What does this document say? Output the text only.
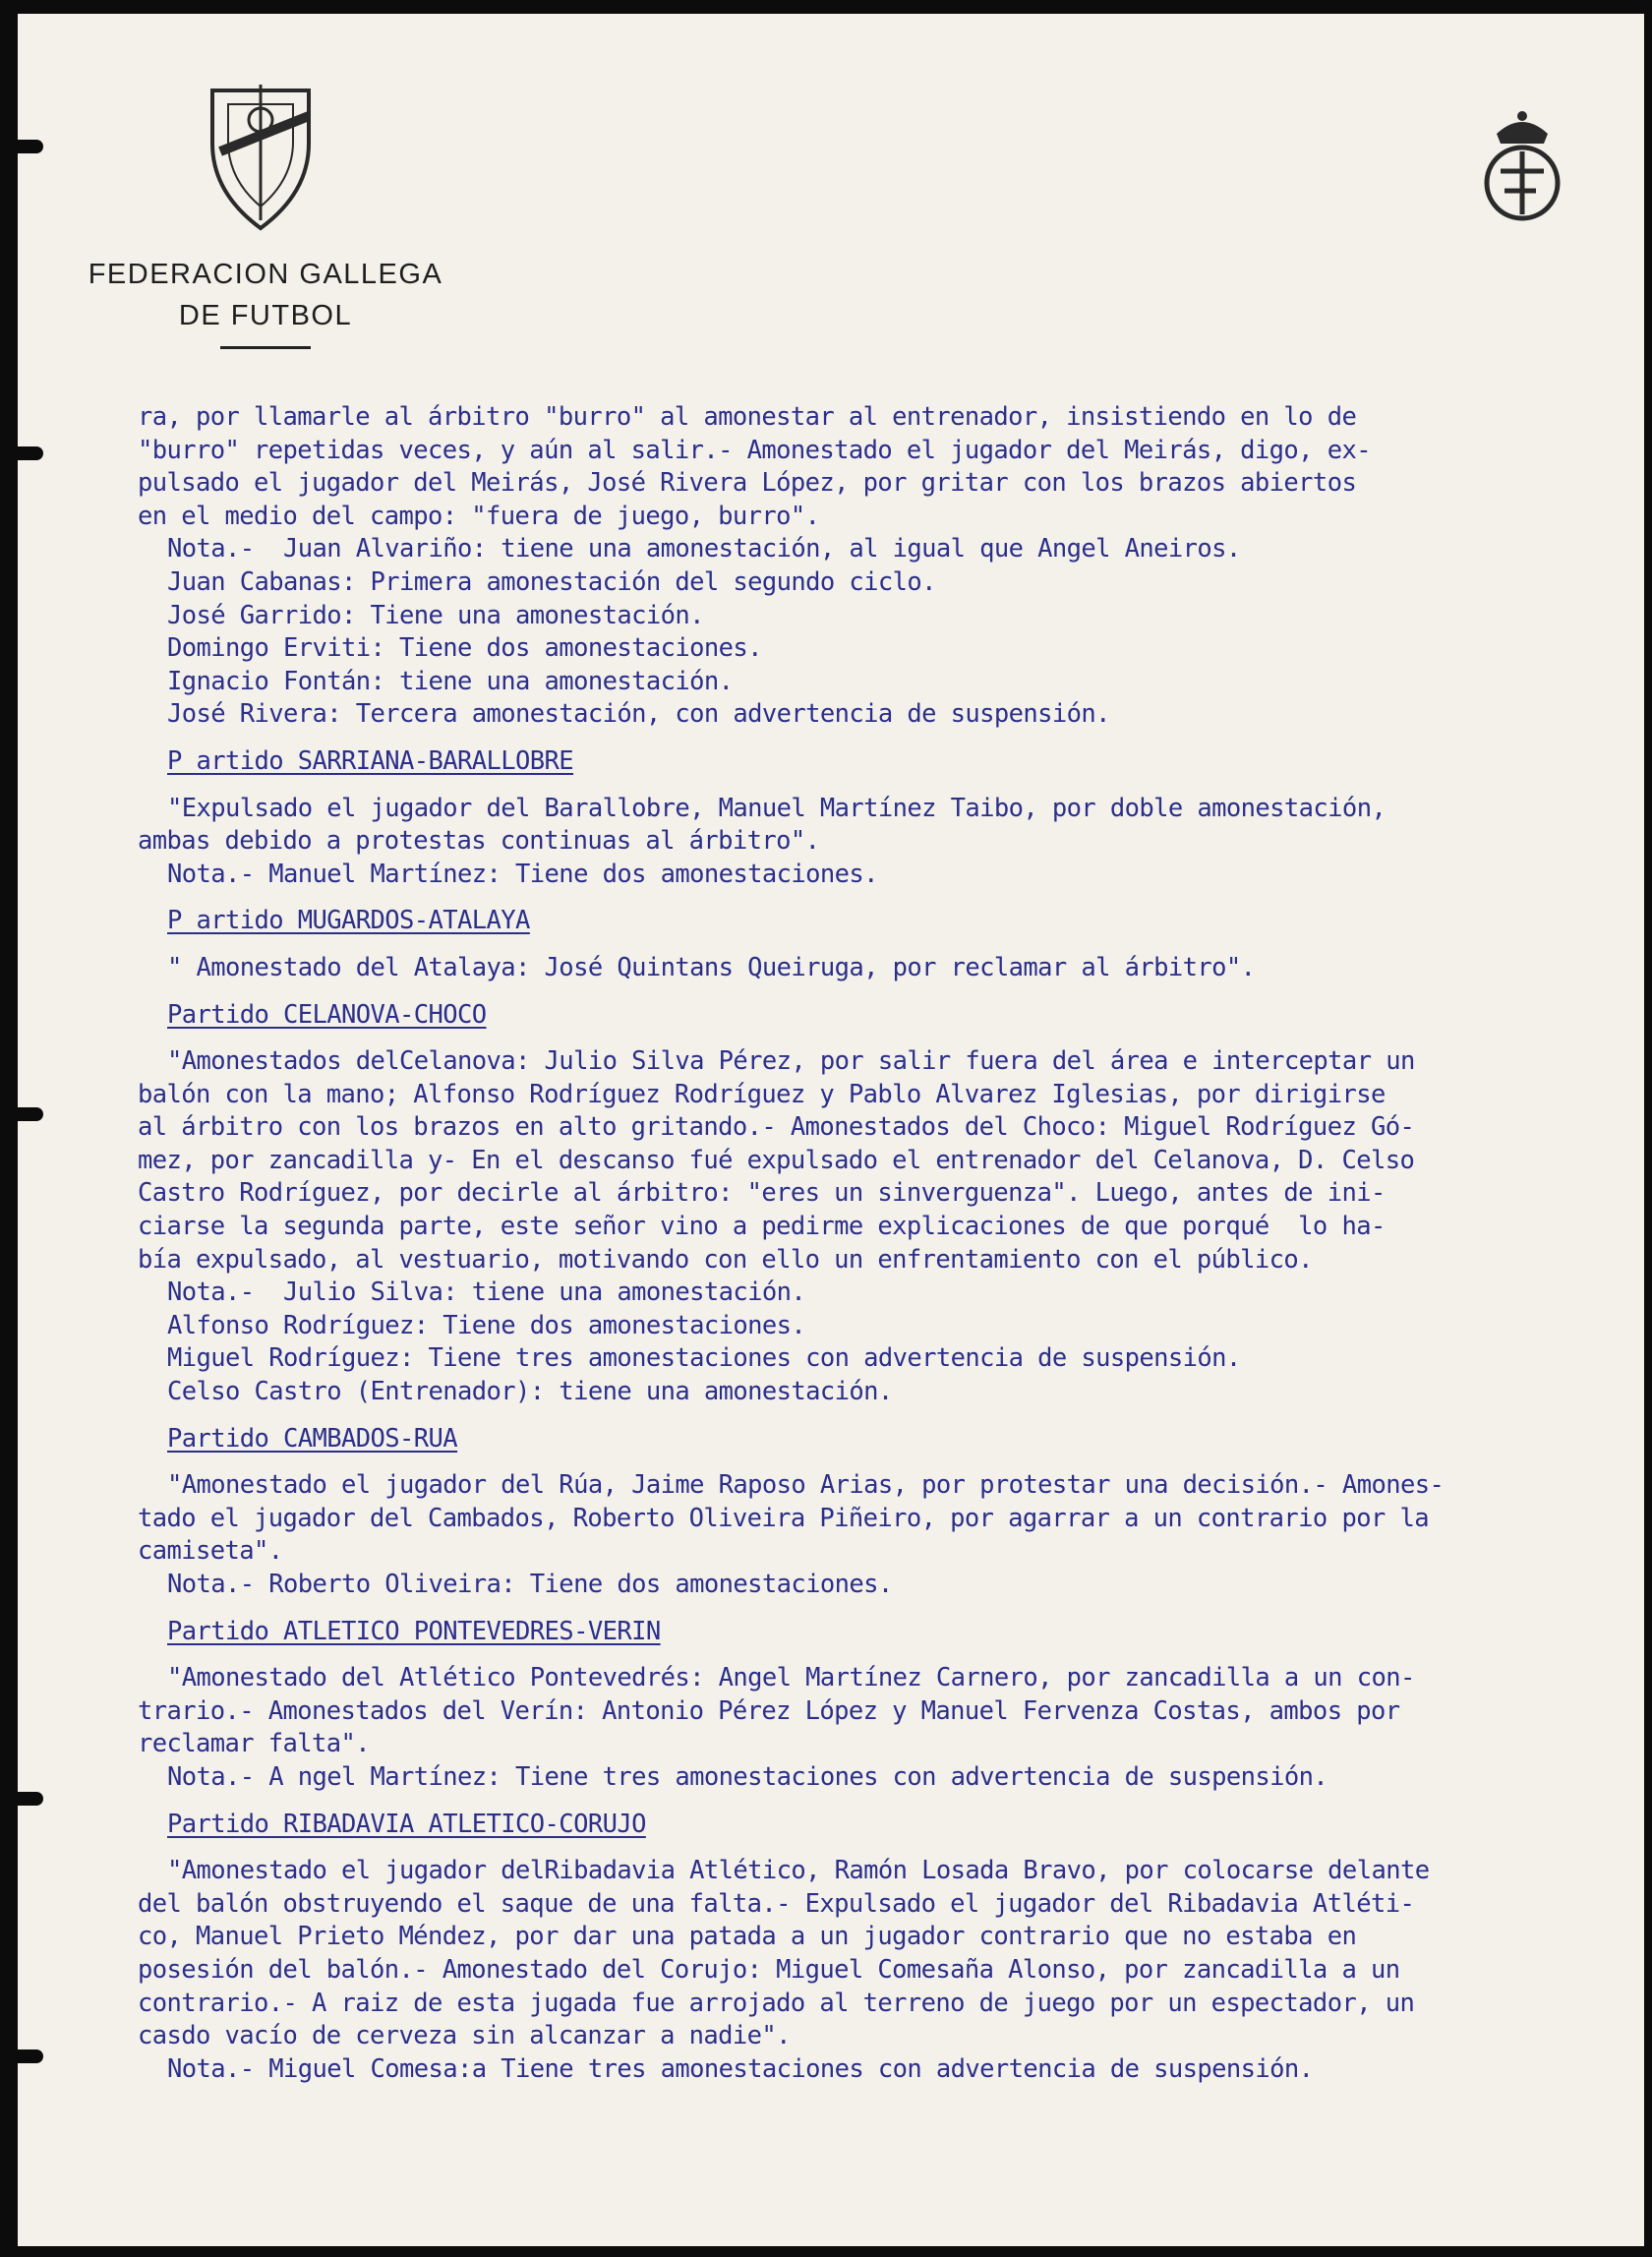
FEDERACION GALLEGA
DE FUTBOL
ra, por llamarle al árbitro "burro" al amonestar al entrenador, insistiendo en lo de
"burro" repetidas veces, y aún al salir.- Amonestado el jugador del Meirás, digo, ex-
pulsado el jugador del Meirás, José Rivera López, por gritar con los brazos abiertos
en el medio del campo: "fuera de juego, burro".
Nota.-  Juan Alvariño: tiene una amonestación, al igual que Angel Aneiros.
Juan Cabanas: Primera amonestación del segundo ciclo.
José Garrido: Tiene una amonestación.
Domingo Erviti: Tiene dos amonestaciones.
Ignacio Fontán: tiene una amonestación.
José Rivera: Tercera amonestación, con advertencia de suspensión.
P artido SARRIANA-BARALLOBRE
"Expulsado el jugador del Barallobre, Manuel Martínez Taibo, por doble amonestación,
ambas debido a protestas continuas al árbitro".
Nota.- Manuel Martínez: Tiene dos amonestaciones.
P artido MUGARDOS-ATALAYA
" Amonestado del Atalaya: José Quintans Queiruga, por reclamar al árbitro".
Partido CELANOVA-CHOCO
"Amonestados delCelanova: Julio Silva Pérez, por salir fuera del área e interceptar un
balón con la mano; Alfonso Rodríguez Rodríguez y Pablo Alvarez Iglesias, por dirigirse
al árbitro con los brazos en alto gritando.- Amonestados del Choco: Miguel Rodríguez Gó-
mez, por zancadilla y- En el descanso fué expulsado el entrenador del Celanova, D. Celso
Castro Rodríguez, por decirle al árbitro: "eres un sinverguenza". Luego, antes de ini-
ciarse la segunda parte, este señor vino a pedirme explicaciones de que porqué  lo ha-
bía expulsado, al vestuario, motivando con ello un enfrentamiento con el público.
Nota.-  Julio Silva: tiene una amonestación.
Alfonso Rodríguez: Tiene dos amonestaciones.
Miguel Rodríguez: Tiene tres amonestaciones con advertencia de suspensión.
Celso Castro (Entrenador): tiene una amonestación.
Partido CAMBADOS-RUA
"Amonestado el jugador del Rúa, Jaime Raposo Arias, por protestar una decisión.- Amones-
tado el jugador del Cambados, Roberto Oliveira Piñeiro, por agarrar a un contrario por la
camiseta".
Nota.- Roberto Oliveira: Tiene dos amonestaciones.
Partido ATLETICO PONTEVEDRES-VERIN
"Amonestado del Atlético Pontevedrés: Angel Martínez Carnero, por zancadilla a un con-
trario.- Amonestados del Verín: Antonio Pérez López y Manuel Fervenza Costas, ambos por
reclamar falta".
Nota.- A ngel Martínez: Tiene tres amonestaciones con advertencia de suspensión.
Partido RIBADAVIA ATLETICO-CORUJO
"Amonestado el jugador delRibadavia Atlético, Ramón Losada Bravo, por colocarse delante
del balón obstruyendo el saque de una falta.- Expulsado el jugador del Ribadavia Atléti-
co, Manuel Prieto Méndez, por dar una patada a un jugador contrario que no estaba en
posesión del balón.- Amonestado del Corujo: Miguel Comesaña Alonso, por zancadilla a un
contrario.- A raiz de esta jugada fue arrojado al terreno de juego por un espectador, un
casdo vacío de cerveza sin alcanzar a nadie".
Nota.- Miguel Comesa:a Tiene tres amonestaciones con advertencia de suspensión.
